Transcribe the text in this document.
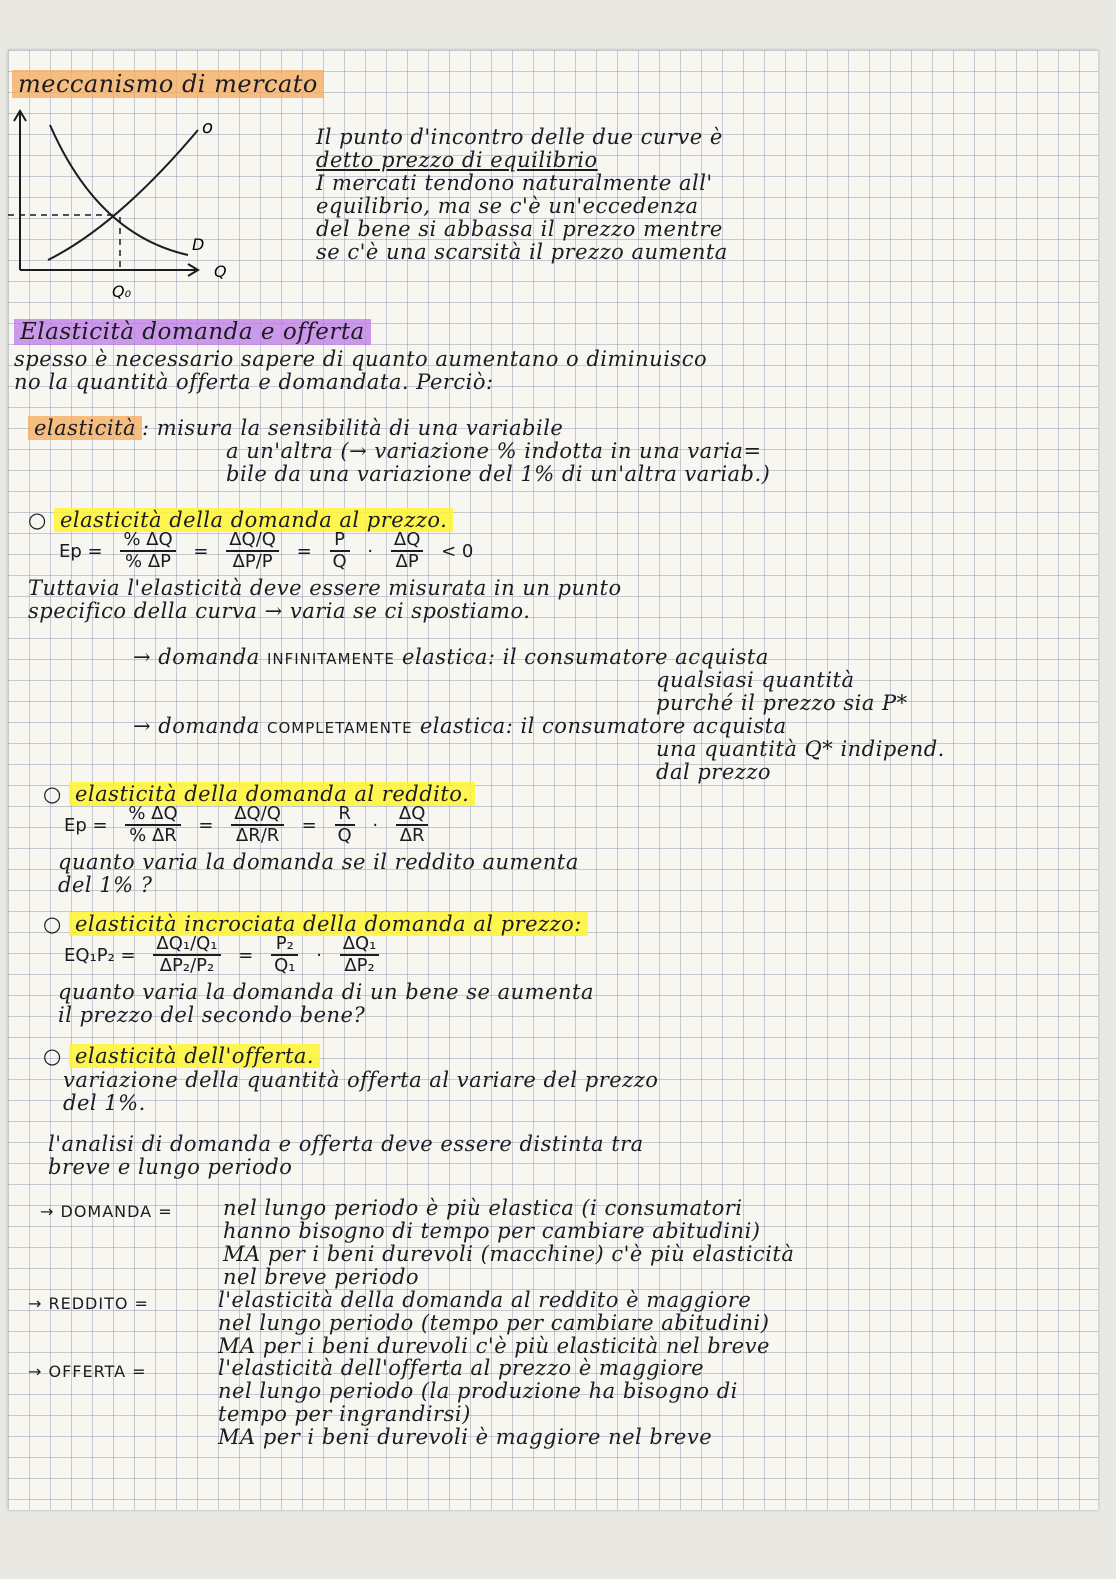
meccanismo di mercato
o
D
Q
Q₀
Il punto d'incontro delle due curve è
detto prezzo di equilibrio
I mercati tendono naturalmente all'
equilibrio, ma se c'è un'eccedenza
del bene si abbassa il prezzo mentre
se c'è una scarsità il prezzo aumenta
Elasticità domanda e offerta
spesso è necessario sapere di quanto aumentano o diminuisco
no la quantità offerta e domandata. Perciò:
elasticità : misura la sensibilità di una variabile
a un'altra (→ variazione % indotta in una varia=
bile da una variazione del 1% di un'altra variab.)
○ elasticità della domanda al prezzo.
$Ep = \frac{\% \Delta Q}{\% \Delta P} = \frac{\Delta Q/Q}{\Delta P/P} = \frac{P}{Q} \cdot \frac{\Delta Q}{\Delta P} < 0$
Tuttavia l'elasticità deve essere misurata in un punto
specifico della curva → varia se ci spostiamo.
→ domanda INFINITAMENTE elastica: il consumatore acquista
qualsiasi quantità
purché il prezzo sia P*
→ domanda COMPLETAMENTE elastica: il consumatore acquista
una quantità Q* indipend.
dal prezzo
○ elasticità della domanda al reddito.
$Ep = \frac{\% \Delta Q}{\% \Delta R} = \frac{\Delta Q/Q}{\Delta R/R} = \frac{R}{Q} \cdot \frac{\Delta Q}{\Delta R}$
quanto varia la domanda se il reddito aumenta
del 1% ?
○ elasticità incrociata della domanda al prezzo:
$EQ_1P_2 = \frac{\text{ΔQ₁/Q₁}}{\text{ΔP₂/P₂}} = \frac{\text{P₂}}{\text{Q₁}} \cdot \frac{\text{ΔQ₁}}{\text{ΔP₂}}$
quanto varia la domanda di un bene se aumenta
il prezzo del secondo bene?
○ elasticità dell'offerta.
variazione della quantità offerta al variare del prezzo
del 1%.
l'analisi di domanda e offerta deve essere distinta tra
breve e lungo periodo
→ DOMANDA = nel lungo periodo è più elastica (i consumatori
hanno bisogno di tempo per cambiare abitudini)
MA per i beni durevoli (macchine) c'è più elasticità
nel breve periodo
→ REDDITO =	l'elasticità della domanda al reddito è maggiore
nel lungo periodo (tempo per cambiare abitudini)
MA per i beni durevoli c'è più elasticità nel breve
→ OFFERTA =	l'elasticità dell'offerta al prezzo è maggiore
nel lungo periodo (la produzione ha bisogno di
tempo per ingrandirsi)
MA per i beni durevoli è maggiore nel breve
